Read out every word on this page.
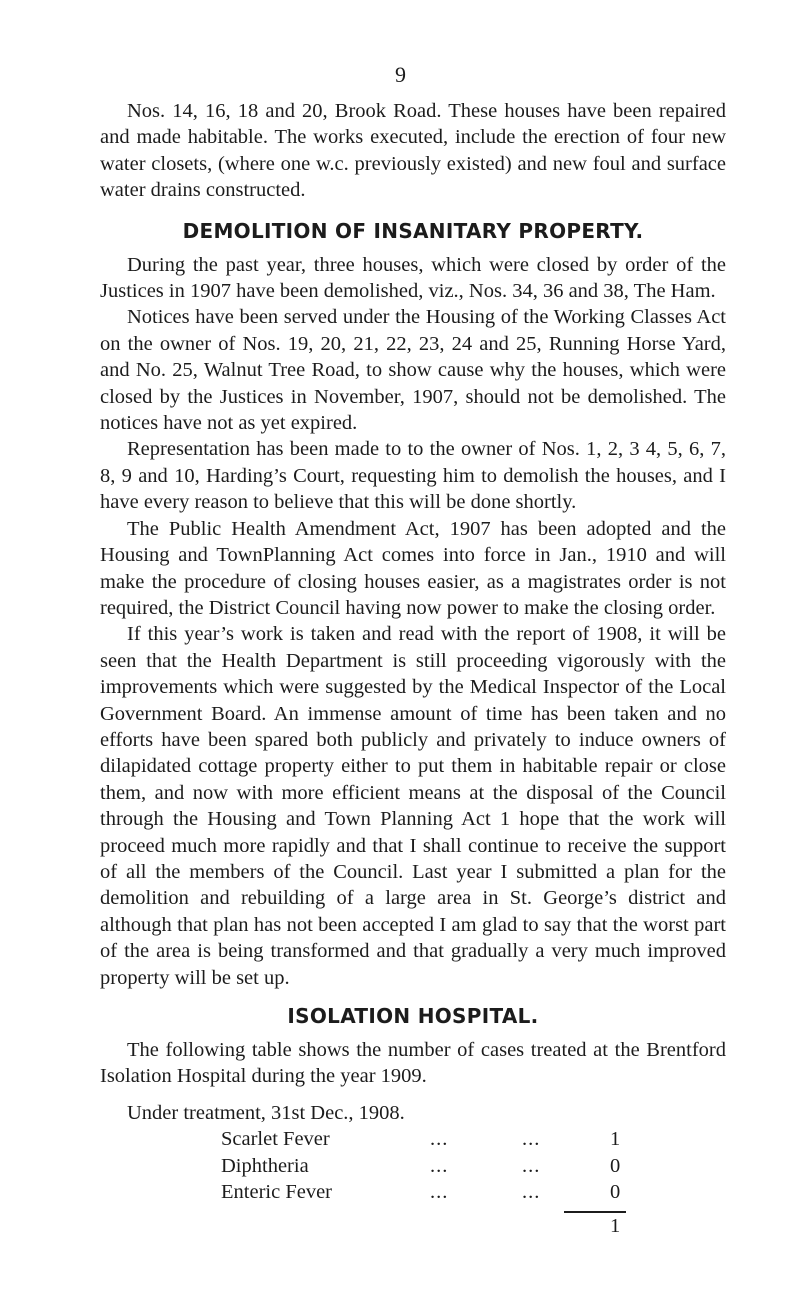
9

Nos. 14, 16, 18 and 20, Brook Road. These houses have been repaired and made habitable. The works executed, include the erection of four new water closets, (where one w.c. previously existed) and new foul and surface water drains constructed.

DEMOLITION OF INSANITARY PROPERTY.

During the past year, three houses, which were closed by order of the Justices in 1907 have been demolished, viz., Nos. 34, 36 and 38, The Ham.

Notices have been served under the Housing of the Working Classes Act on the owner of Nos. 19, 20, 21, 22, 23, 24 and 25, Running Horse Yard, and No. 25, Walnut Tree Road, to show cause why the houses, which were closed by the Justices in November, 1907, should not be demolished. The notices have not as yet expired.

Representation has been made to to the owner of Nos. 1, 2, 3 4, 5, 6, 7, 8, 9 and 10, Harding’s Court, requesting him to demolish the houses, and I have every reason to believe that this will be done shortly.

The Public Health Amendment Act, 1907 has been adopted and the Housing and TownPlanning Act comes into force in Jan., 1910 and will make the procedure of closing houses easier, as a magistrates order is not required, the District Council having now power to make the closing order.

If this year’s work is taken and read with the report of 1908, it will be seen that the Health Department is still proceeding vigorously with the improvements which were suggested by the Medical Inspector of the Local Government Board. An immense amount of time has been taken and no efforts have been spared both publicly and privately to induce owners of dilapidated cottage property either to put them in habitable repair or close them, and now with more efficient means at the disposal of the Council through the Housing and Town Planning Act 1 hope that the work will proceed much more rapidly and that I shall continue to receive the support of all the members of the Council. Last year I submitted a plan for the demolition and rebuilding of a large area in St. George’s district and although that plan has not been accepted I am glad to say that the worst part of the area is being transformed and that gradually a very much improved property will be set up.

ISOLATION HOSPITAL.

The following table shows the number of cases treated at the Brentford Isolation Hospital during the year 1909.

Under treatment, 31st Dec., 1908.
Scarlet Fever	...	...	1
Diphtheria	...	...	0
Enteric Fever	...	...	0
1
